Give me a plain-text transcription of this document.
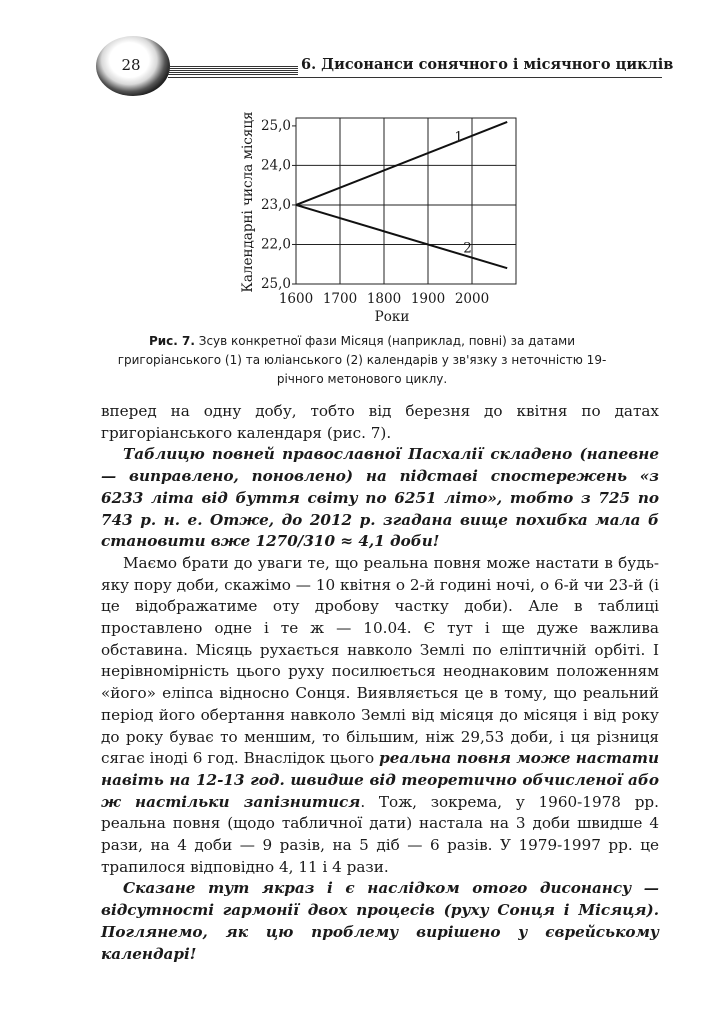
28	6. Дисонанси сонячного і місячного циклів
Календарні числа місяця 25,0
24,0
23,0
22,0
25,0
1600 1700 1800 1900 2000
Роки
1
2
Рис. 7. Зсув конкретної фази Місяця (наприклад, повні) за датами григоріанського (1) та юліанського (2) календарів у зв'язку з неточністю 19-річного метонового циклу.

вперед на одну добу, тобто від березня до квітня по датах григоріанського календаря (рис. 7).

Таблицю повней православної Пасхалії складено (напевне — виправлено, поновлено) на підставі спостережень «з 6233 літа від буття світу по 6251 літо», тобто з 725 по 743 р. н. е. Отже, до 2012 р. згадана вище похибка мала б становити вже 1270/310 ≈ 4,1 доби!

Маємо брати до уваги те, що реальна повня може настати в будь-яку пору доби, скажімо — 10 квітня о 2-й годині ночі, о 6-й чи 23-й (і це відображатиме оту дробову частку доби). Але в таблиці проставлено одне і те ж — 10.04. Є тут і ще дуже важлива обставина. Місяць рухається навколо Землі по еліптичній орбіті. І нерівномірність цього руху посилюється неоднаковим положенням «його» еліпса відносно Сонця. Виявляється це в тому, що реальний період його обертання навколо Землі від місяця до місяця і від року до року буває то меншим, то більшим, ніж 29,53 доби, і ця різниця сягає іноді 6 год. Внаслідок цього реальна повня може настати навіть на 12-13 год. швидше від теоретично обчисленої або ж настільки запізнитися. Тож, зокрема, у 1960-1978 рр. реальна повня (щодо табличної дати) настала на 3 доби швидше 4 рази, на 4 доби — 9 разів, на 5 діб — 6 разів. У 1979-1997 рр. це трапилося відповідно 4, 11 і 4 рази.

Сказане тут якраз і є наслідком отого дисонансу — відсутності гармонії двох процесів (руху Сонця і Місяця). Поглянемо, як цю проблему вирішено у єврейському календарі!
